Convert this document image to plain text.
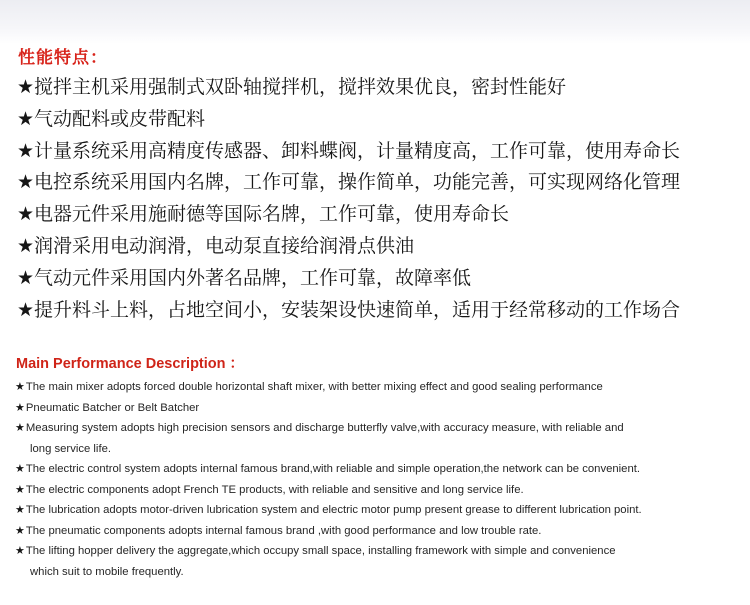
性能特点：
★搅拌主机采用强制式双卧轴搅拌机，搅拌效果优良，密封性能好
★气动配料或皮带配料
★计量系统采用高精度传感器、卸料蝶阀，计量精度高，工作可靠，使用寿命长
★电控系统采用国内名牌，工作可靠，操作简单，功能完善，可实现网络化管理
★电器元件采用施耐德等国际名牌，工作可靠，使用寿命长
★润滑采用电动润滑，电动泵直接给润滑点供油
★气动元件采用国内外著名品牌，工作可靠，故障率低
★提升料斗上料，占地空间小，安装架设快速简单，适用于经常移动的工作场合
Main Performance Description ：
★The main mixer adopts forced double horizontal shaft mixer, with better mixing effect and good sealing performance
★Pneumatic Batcher or Belt Batcher
★Measuring system adopts high precision sensors and discharge butterfly valve,with accuracy measure, with reliable and
long service life.
★The electric control system adopts internal famous brand,with reliable and simple operation,the network can be convenient.
★The electric components adopt French TE products, with reliable and sensitive and long service life.
★The lubrication adopts motor-driven lubrication system and electric motor pump present grease to different lubrication point.
★The pneumatic components adopts internal famous brand ,with good performance and low trouble rate.
★The lifting hopper delivery the aggregate,which occupy small space, installing framework with simple and convenience
which suit to mobile frequently.
